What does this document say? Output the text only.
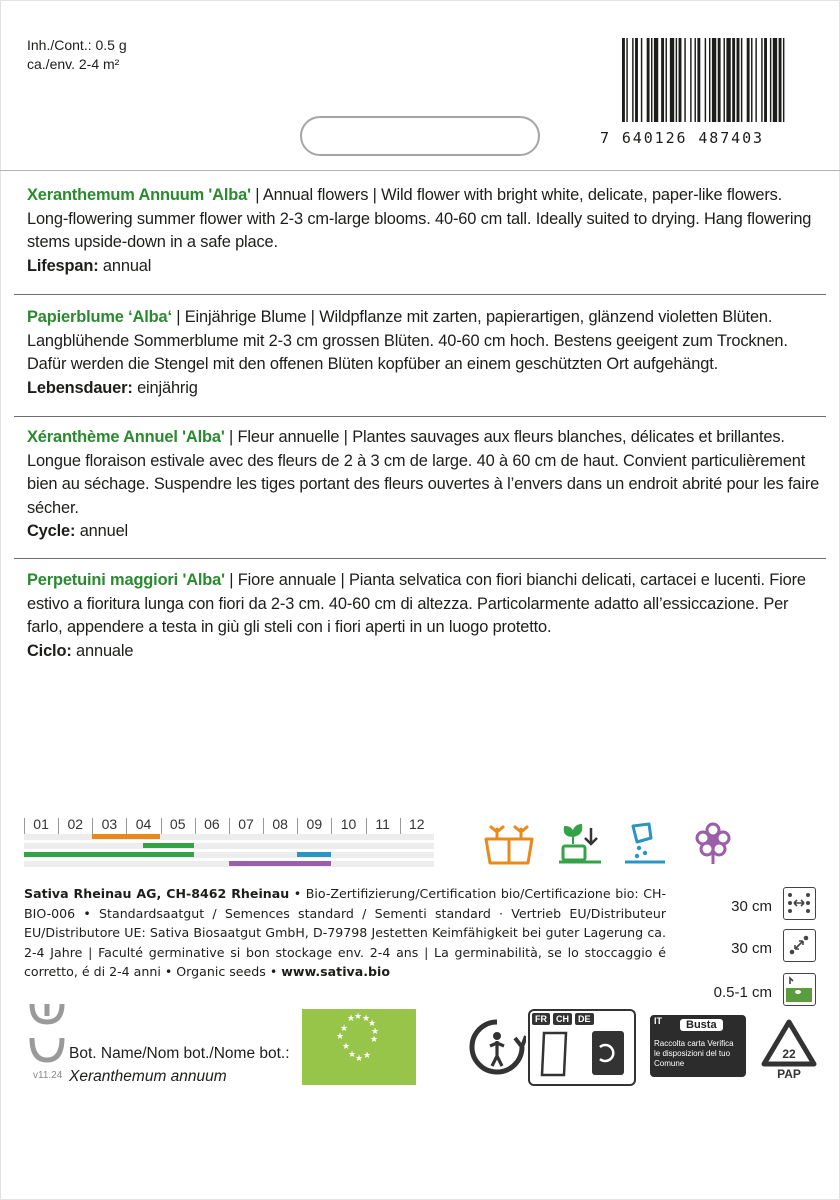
Inh./Cont.: 0.5 g
ca./env. 2-4 m²
7 640126 487403
Xeranthemum Annuum 'Alba' | Annual flowers | Wild flower with bright white, delicate, paper-like flowers. Long-flowering summer flower with 2-3 cm-large blooms. 40-60 cm tall. Ideally suited to drying. Hang flowering stems upside-down in a safe place.
Lifespan: annual
Papierblume ‘Alba‘ | Einjährige Blume | Wildpflanze mit zarten, papierartigen, glänzend violetten Blüten. Langblühende Sommerblume mit 2-3 cm grossen Blüten. 40-60 cm hoch. Bestens geeigent zum Trocknen. Dafür werden die Stengel mit den offenen Blüten kopfüber an einem geschützten Ort aufgehängt.
Lebensdauer: einjährig
Xéranthème Annuel 'Alba' | Fleur annuelle | Plantes sauvages aux fleurs blanches, délicates et brillantes. Longue floraison estivale avec des fleurs de 2 à 3 cm de large. 40 à 60 cm de haut. Convient particulièrement bien au séchage. Suspendre les tiges portant des fleurs ouvertes à l’envers dans un endroit abrité pour les faire sécher.
Cycle: annuel
Perpetuini maggiori 'Alba' | Fiore annuale | Pianta selvatica con fiori bianchi delicati, cartacei e lucenti. Fiore estivo a fioritura lunga con fiori da 2-3 cm. 40-60 cm di altezza. Particolarmente adatto all’essiccazione. Per farlo, appendere a testa in giù gli steli con i fiori aperti in un luogo protetto.
Ciclo: annuale
01	02	03	04	05	06	07	08	09	10	11	12
Sativa Rheinau AG, CH-8462 Rheinau • Bio-Zertifizierung/Certification bio/Certificazione bio: CH-BIO-006 • Standardsaatgut / Semences standard / Sementi standard · Vertrieb EU/Distributeur EU/Distributore UE: Sativa Biosaatgut GmbH, D-79798 Jestetten Keimfähigkeit bei guter Lagerung ca. 2-4 Jahre | Faculté germinative si bon stockage env. 2-4 ans | La germinabilità, se lo stoccaggio é corretto, é di 2-4 anni • Organic seeds • www.sativa.bio
30 cm
30 cm
0.5-1 cm
v11.24
Bot. Name/Nom bot./Nome bot.:
Xeranthemum annuum
★
★ ★
★
★
★
★
★
★
★
★ ★
FR	CH	DE	IT	Busta
Raccolta carta Verifica le disposizioni del tuo Comune
22
PAP
